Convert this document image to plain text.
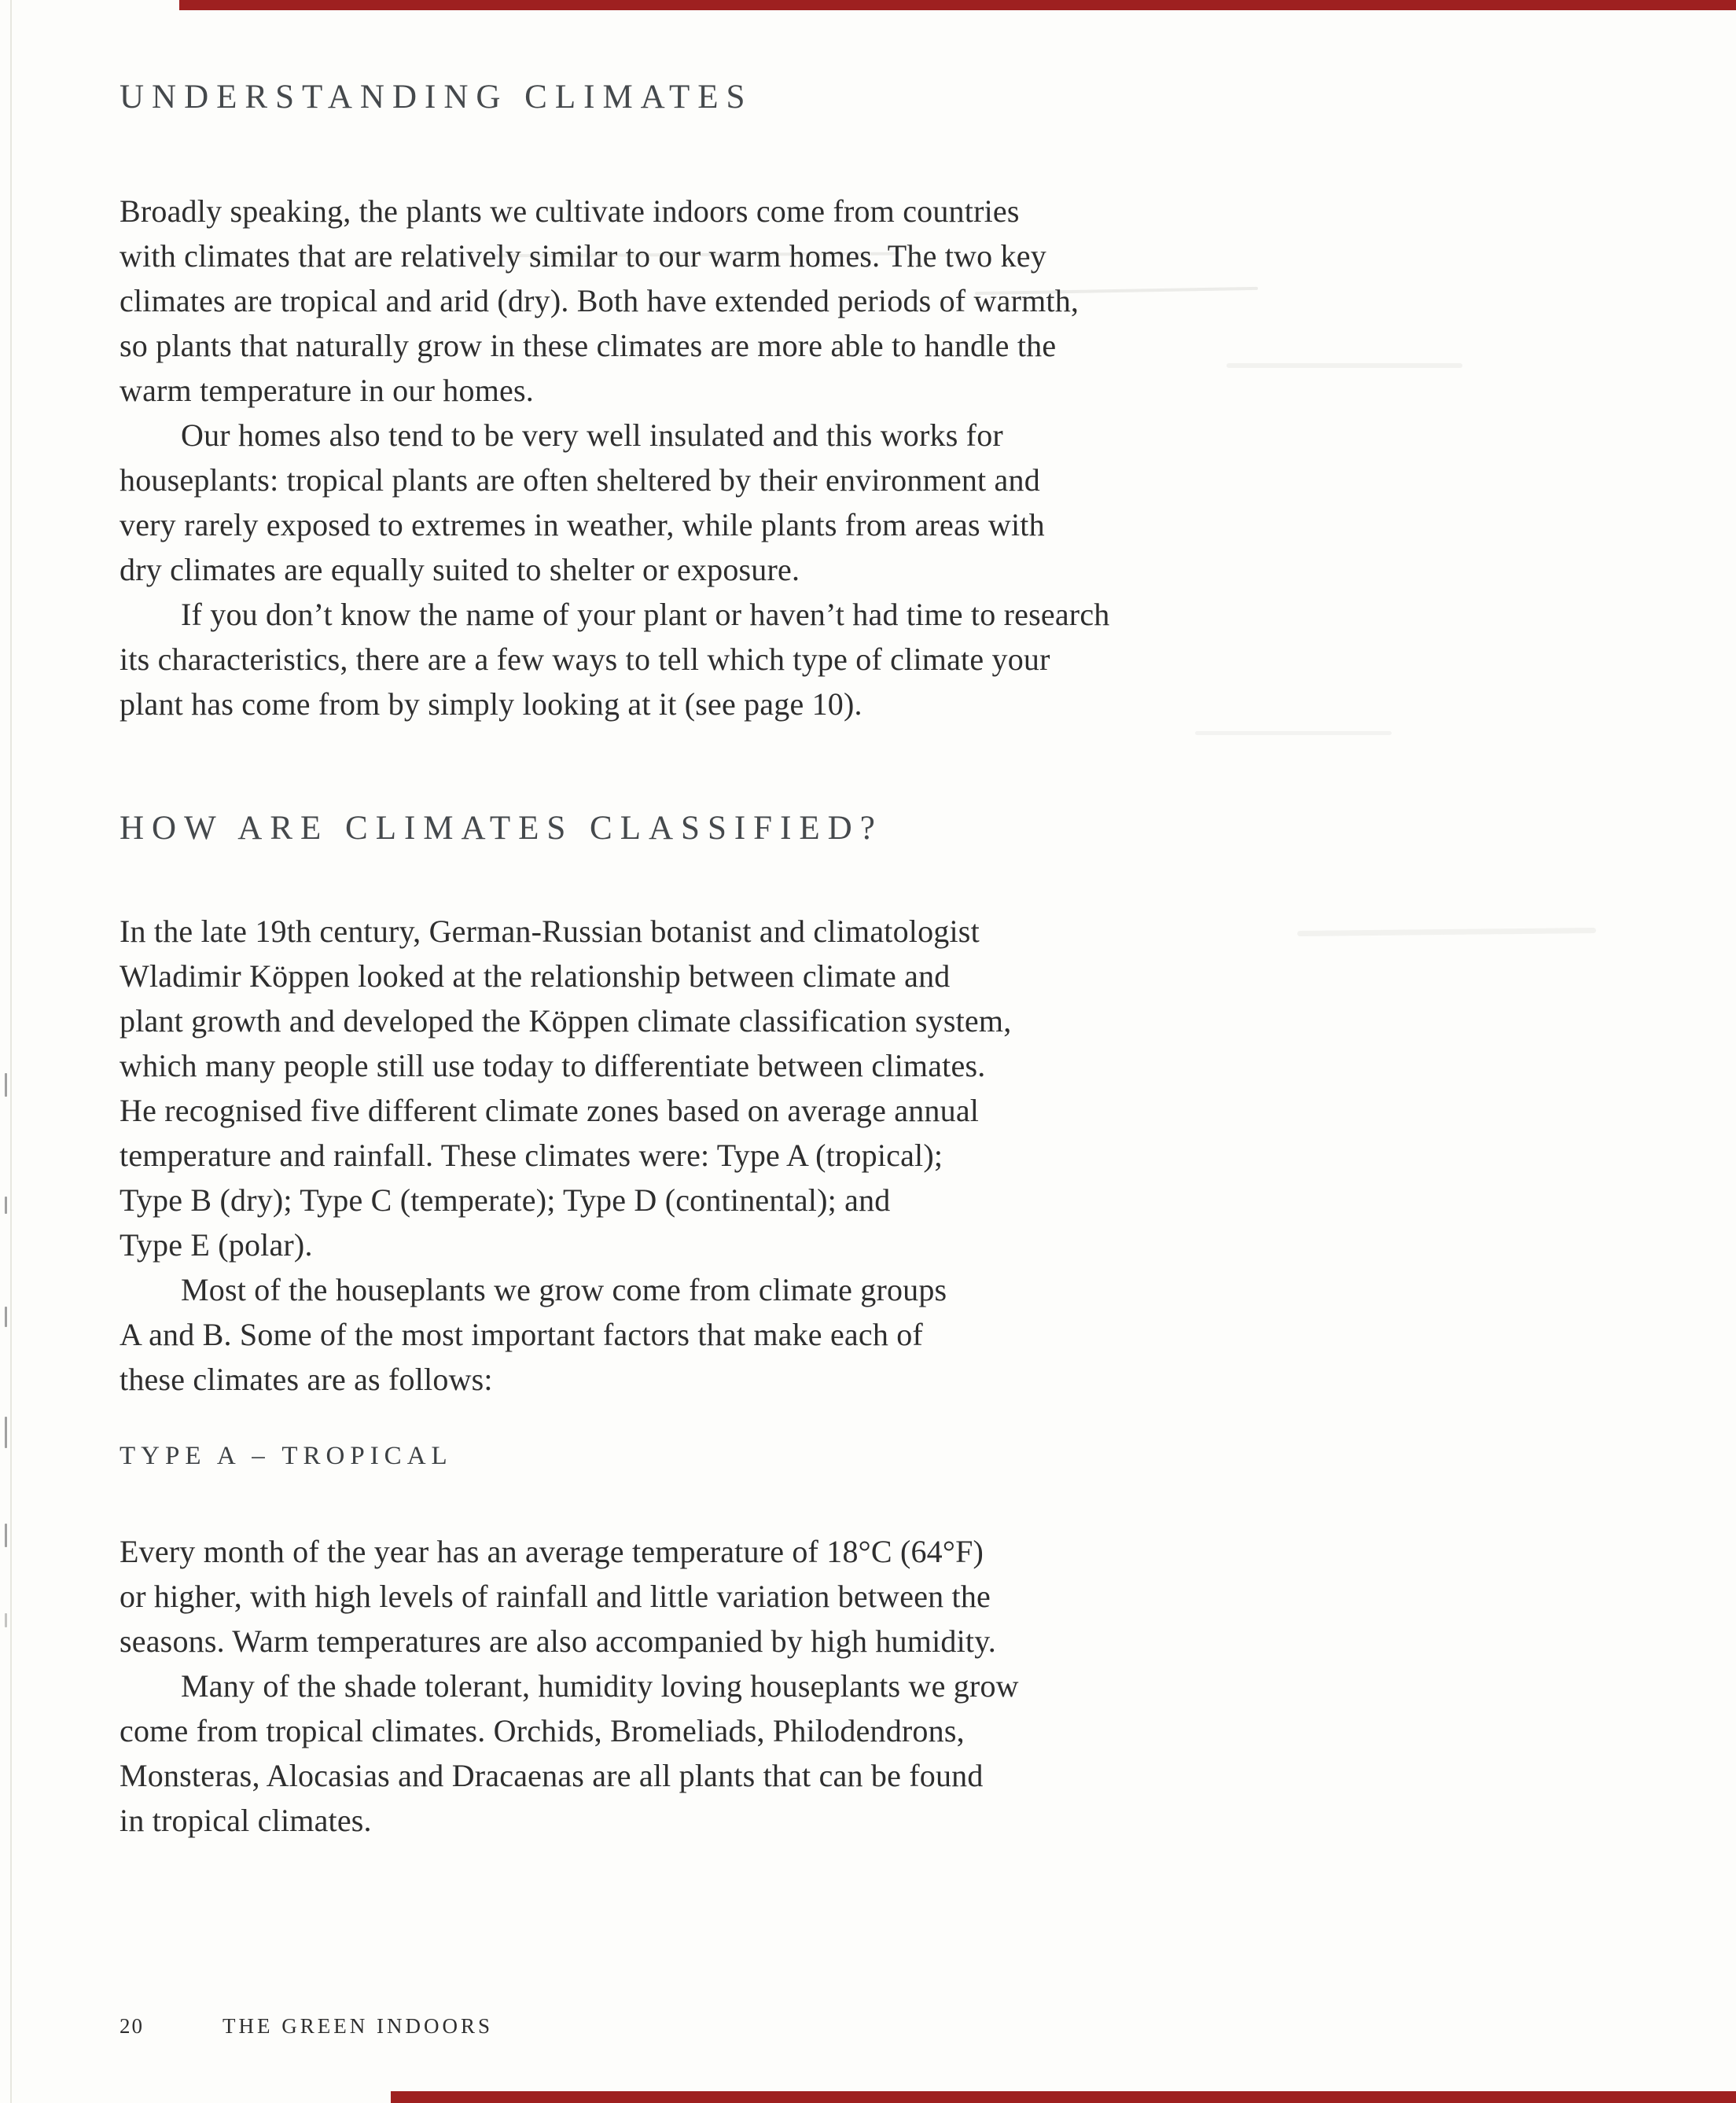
UNDERSTANDING CLIMATES
Broadly speaking, the plants we cultivate indoors come from countries
with climates that are relatively similar to our warm homes. The two key
climates are tropical and arid (dry). Both have extended periods of warmth,
so plants that naturally grow in these climates are more able to handle the
warm temperature in our homes.
Our homes also tend to be very well insulated and this works for
houseplants: tropical plants are often sheltered by their environment and
very rarely exposed to extremes in weather, while plants from areas with
dry climates are equally suited to shelter or exposure.
If you don’t know the name of your plant or haven’t had time to research
its characteristics, there are a few ways to tell which type of climate your
plant has come from by simply looking at it (see page 10).
HOW ARE CLIMATES CLASSIFIED?
In the late 19th century, German-Russian botanist and climatologist
Wladimir Köppen looked at the relationship between climate and
plant growth and developed the Köppen climate classification system,
which many people still use today to differentiate between climates.
He recognised five different climate zones based on average annual
temperature and rainfall. These climates were: Type A (tropical);
Type B (dry); Type C (temperate); Type D (continental); and
Type E (polar).
Most of the houseplants we grow come from climate groups
A and B. Some of the most important factors that make each of
these climates are as follows:
TYPE A – TROPICAL
Every month of the year has an average temperature of 18°C (64°F)
or higher, with high levels of rainfall and little variation between the
seasons. Warm temperatures are also accompanied by high humidity.
Many of the shade tolerant, humidity loving houseplants we grow
come from tropical climates. Orchids, Bromeliads, Philodendrons,
Monsteras, Alocasias and Dracaenas are all plants that can be found
in tropical climates.
20	THE GREEN INDOORS
